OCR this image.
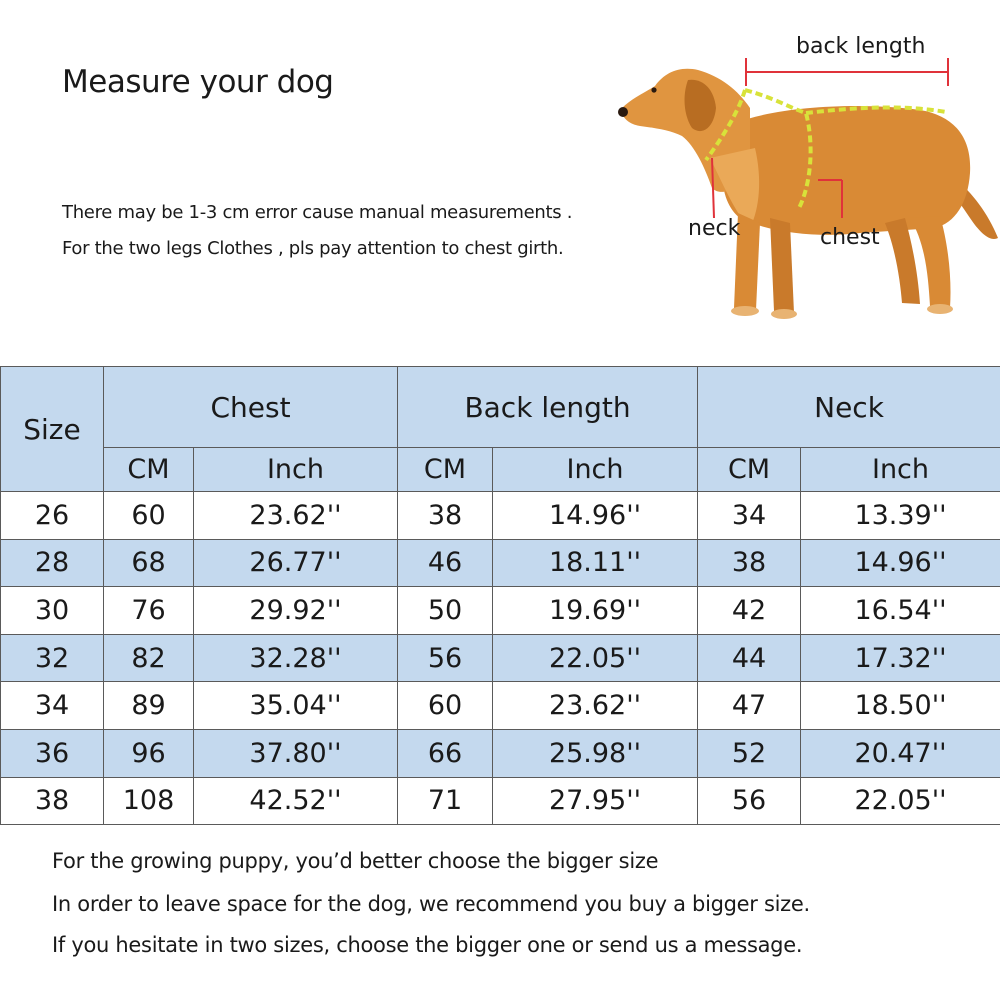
Measure your dog
There may be 1-3 cm error cause manual measurements .
For the two legs Clothes , pls pay attention to chest girth.
back length
neck	chest
Size	Chest		Back length		Neck	
	CM	Inch	CM	Inch	CM	Inch
26	60	23.62''	38	14.96''	34	13.39''
28	68	26.77''	46	18.11''	38	14.96''
30	76	29.92''	50	19.69''	42	16.54''
32	82	32.28''	56	22.05''	44	17.32''
34	89	35.04''	60	23.62''	47	18.50''
36	96	37.80''	66	25.98''	52	20.47''
38	108	42.52''	71	27.95''	56	22.05''
For the growing puppy, you’d better choose the bigger size
In order to leave space for the dog, we recommend you buy a bigger size.
If you hesitate in two sizes, choose the bigger one or send us a message.
